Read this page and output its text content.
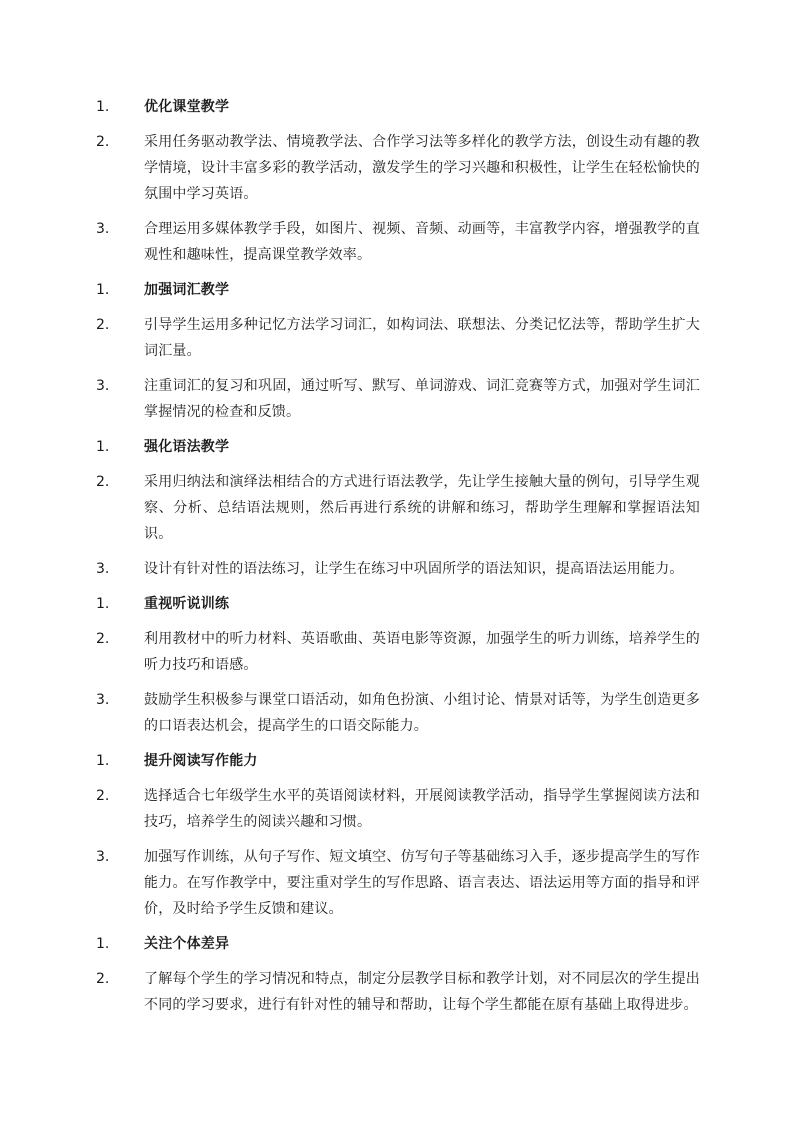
1.	优化课堂教学
2.	采用任务驱动教学法、情境教学法、合作学习法等多样化的教学方法，创设生动有趣的教学情境，设计丰富多彩的教学活动，激发学生的学习兴趣和积极性，让学生在轻松愉快的氛围中学习英语。
3.	合理运用多媒体教学手段，如图片、视频、音频、动画等，丰富教学内容，增强教学的直观性和趣味性，提高课堂教学效率。
1.	加强词汇教学
2.	引导学生运用多种记忆方法学习词汇，如构词法、联想法、分类记忆法等，帮助学生扩大词汇量。
3.	注重词汇的复习和巩固，通过听写、默写、单词游戏、词汇竞赛等方式，加强对学生词汇掌握情况的检查和反馈。
1.	强化语法教学
2.	采用归纳法和演绎法相结合的方式进行语法教学，先让学生接触大量的例句，引导学生观察、分析、总结语法规则，然后再进行系统的讲解和练习，帮助学生理解和掌握语法知识。
3.	设计有针对性的语法练习，让学生在练习中巩固所学的语法知识，提高语法运用能力。
1.	重视听说训练
2.	利用教材中的听力材料、英语歌曲、英语电影等资源，加强学生的听力训练，培养学生的听力技巧和语感。
3.	鼓励学生积极参与课堂口语活动，如角色扮演、小组讨论、情景对话等，为学生创造更多的口语表达机会，提高学生的口语交际能力。
1.	提升阅读写作能力
2.	选择适合七年级学生水平的英语阅读材料，开展阅读教学活动，指导学生掌握阅读方法和技巧，培养学生的阅读兴趣和习惯。
3.	加强写作训练，从句子写作、短文填空、仿写句子等基础练习入手，逐步提高学生的写作能力。在写作教学中，要注重对学生的写作思路、语言表达、语法运用等方面的指导和评价，及时给予学生反馈和建议。
1.	关注个体差异
2.	了解每个学生的学习情况和特点，制定分层教学目标和教学计划，对不同层次的学生提出不同的学习要求，进行有针对性的辅导和帮助，让每个学生都能在原有基础上取得进步。
